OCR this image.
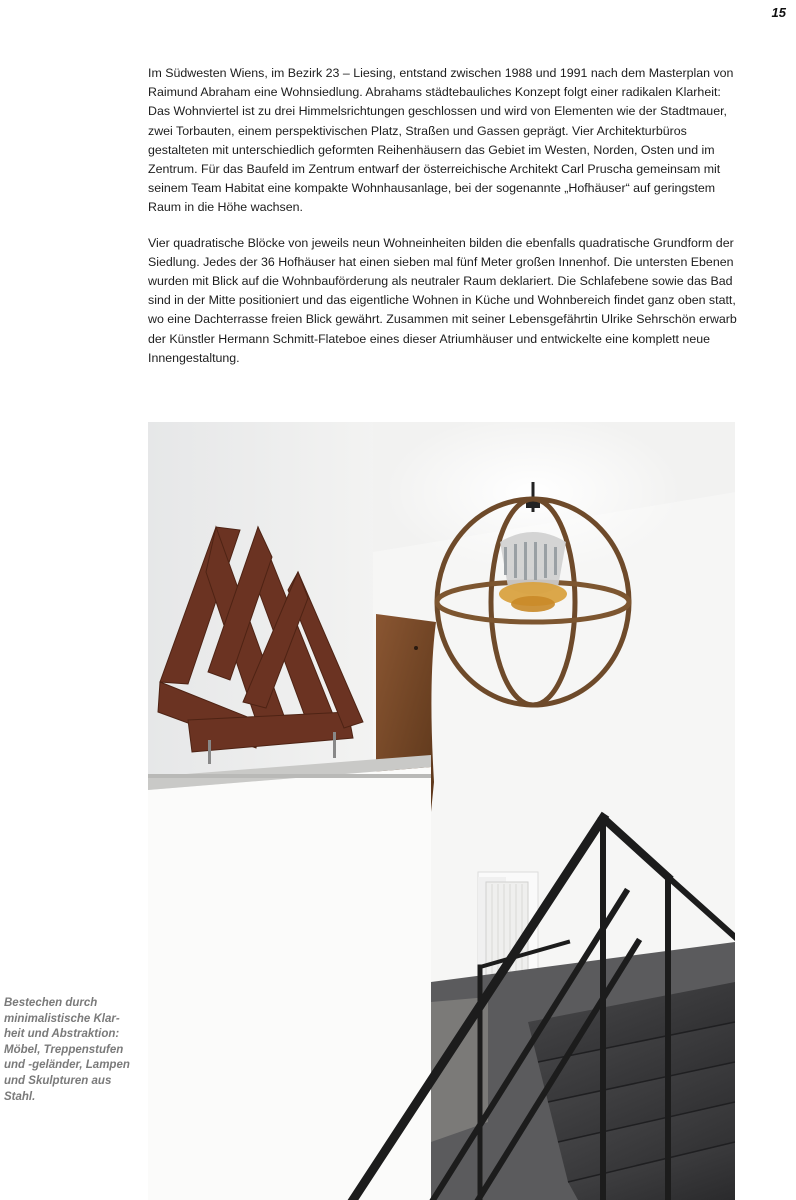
15

Im Südwesten Wiens, im Bezirk 23 – Liesing, entstand zwischen 1988 und 1991 nach dem Masterplan von Raimund Abraham eine Wohnsiedlung. Abrahams städtebauliches Konzept folgt einer radikalen Klarheit: Das Wohnviertel ist zu drei Himmelsrichtungen geschlossen und wird von Elementen wie der Stadtmauer, zwei Torbauten, einem perspektivischen Platz, Straßen und Gassen geprägt. Vier Architekturbüros gestalteten mit unterschiedlich geformten Reihenhäusern das Gebiet im Westen, Norden, Osten und im Zentrum. Für das Baufeld im Zentrum entwarf der österreichische Architekt Carl Pruscha gemeinsam mit seinem Team Habitat eine kompakte Wohnhausanlage, bei der sogenannte „Hofhäuser“ auf geringstem Raum in die Höhe wachsen.

Vier quadratische Blöcke von jeweils neun Wohneinheiten bilden die ebenfalls quadratische Grundform der Siedlung. Jedes der 36 Hofhäuser hat einen sieben mal fünf Meter großen Innenhof. Die untersten Ebenen wurden mit Blick auf die Wohnbauförderung als neutraler Raum deklariert. Die Schlafebene sowie das Bad sind in der Mitte positioniert und das eigentliche Wohnen in Küche und Wohnbereich findet ganz oben statt, wo eine Dachterrasse freien Blick gewährt. Zusammen mit seiner Lebensgefährtin Ulrike Sehrschön erwarb der Künstler Hermann Schmitt-Flateboe eines dieser Atriumhäuser und entwickelte eine komplett neue Innengestaltung.

Bestechen durch
minimalistische Klar-
heit und Abstraktion:
Möbel, Treppenstufen
und -geländer, Lampen
und Skulpturen aus
Stahl.
